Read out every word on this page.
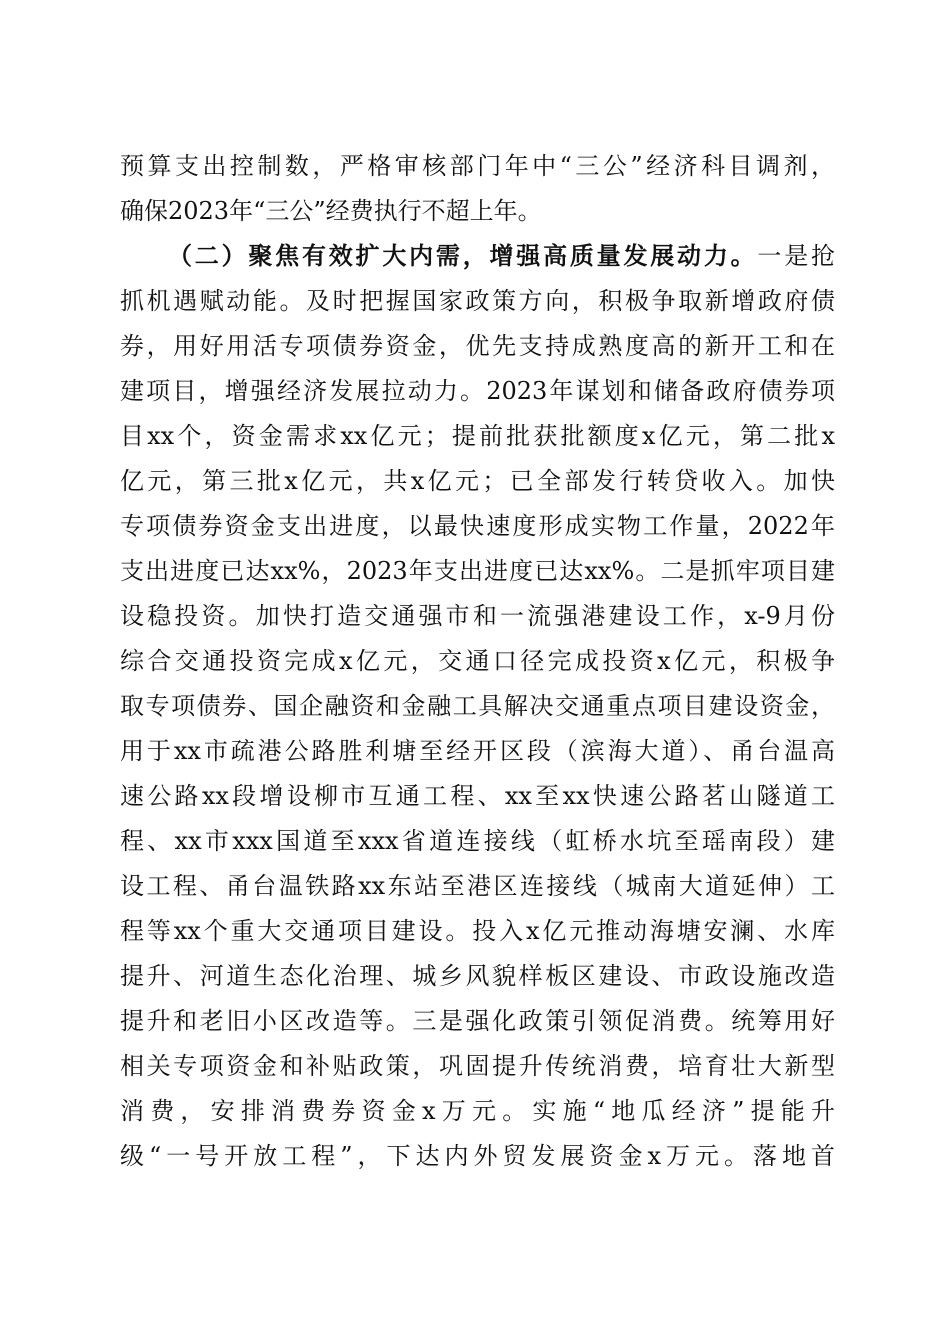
预算支出控制数，严格审核部门年中“三公”经济科目调剂，
确保2023年“三公”经费执行不超上年。
（二）聚焦有效扩大内需，增强高质量发展动力。一是抢
抓机遇赋动能。及时把握国家政策方向，积极争取新增政府债
券，用好用活专项债券资金，优先支持成熟度高的新开工和在
建项目，增强经济发展拉动力。2023年谋划和储备政府债券项
目xx个，资金需求xx亿元；提前批获批额度x亿元，第二批x
亿元，第三批x亿元，共x亿元；已全部发行转贷收入。加快
专项债券资金支出进度，以最快速度形成实物工作量，2022年
支出进度已达xx%，2023年支出进度已达xx%。二是抓牢项目建
设稳投资。加快打造交通强市和一流强港建设工作，x-9月份
综合交通投资完成x亿元，交通口径完成投资x亿元，积极争
取专项债券、国企融资和金融工具解决交通重点项目建设资金，
用于xx市疏港公路胜利塘至经开区段（滨海大道）、甬台温高
速公路xx段增设柳市互通工程、xx至xx快速公路茗山隧道工
程、xx市xxx国道至xxx省道连接线（虹桥水坑至瑶南段）建
设工程、甬台温铁路xx东站至港区连接线（城南大道延伸）工
程等xx个重大交通项目建设。投入x亿元推动海塘安澜、水库
提升、河道生态化治理、城乡风貌样板区建设、市政设施改造
提升和老旧小区改造等。三是强化政策引领促消费。统筹用好
相关专项资金和补贴政策，巩固提升传统消费，培育壮大新型
消费，安排消费券资金x万元。实施“地瓜经济”提能升
级“一号开放工程”，下达内外贸发展资金x万元。落地首
